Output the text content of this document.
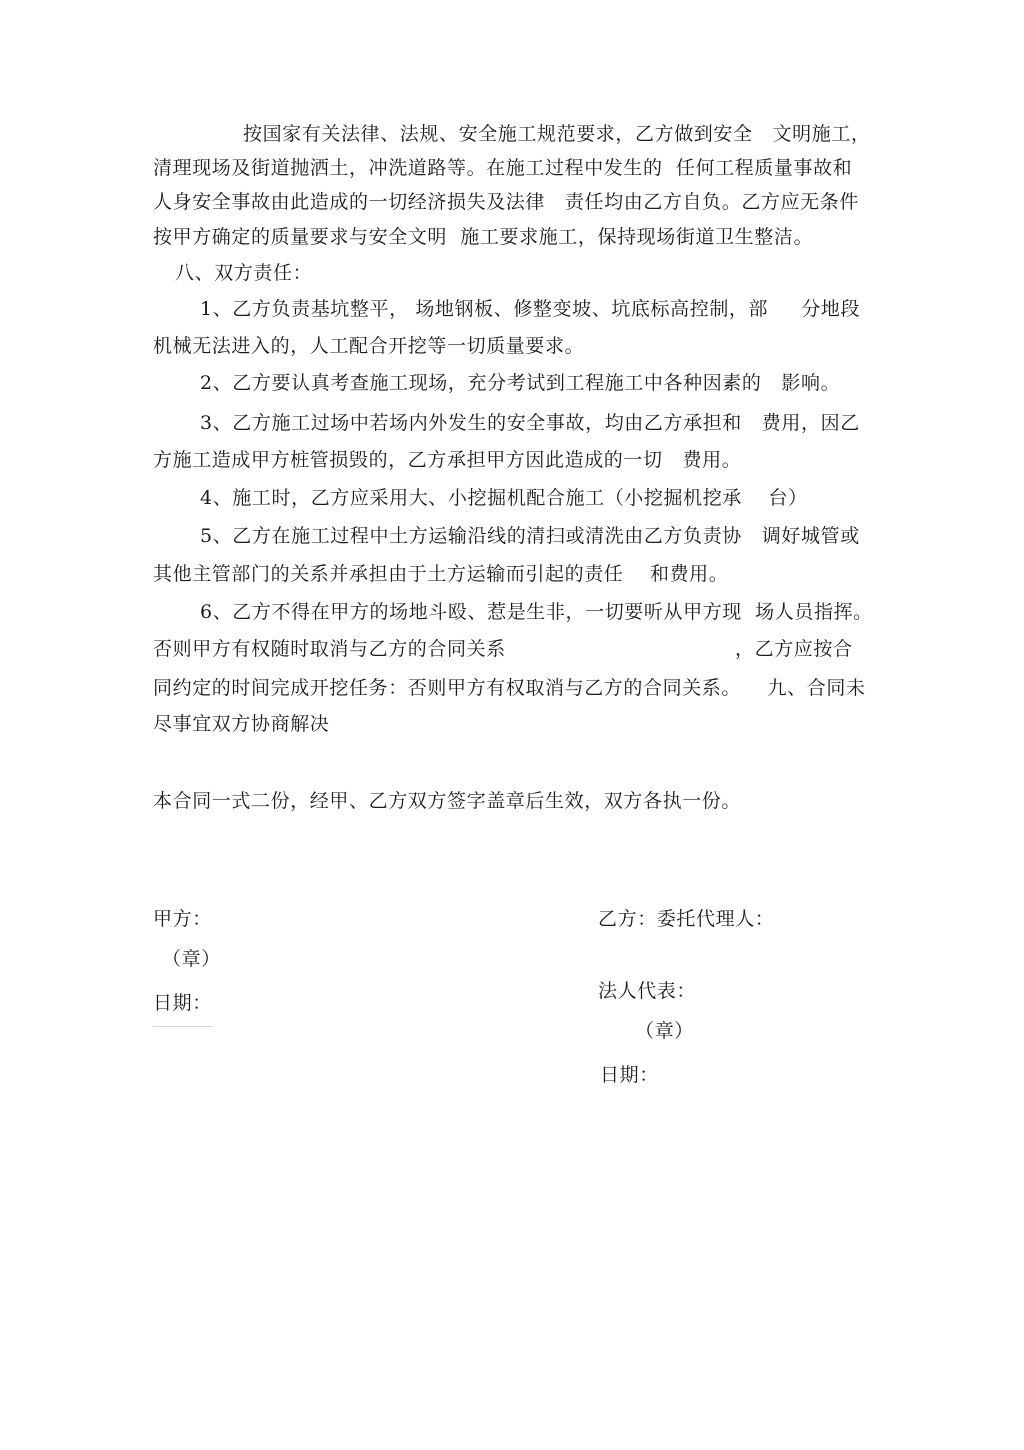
按国家有关法律、法规、安全施工规范要求，乙方做到安全   文明施工，
清理现场及街道抛洒土，冲洗道路等。在施工过程中发生的  任何工程质量事故和
人身安全事故由此造成的一切经济损失及法律   责任均由乙方自负。乙方应无条件
按甲方确定的质量要求与安全文明  施工要求施工，保持现场街道卫生整洁。
八、双方责任：
1、乙方负责基坑整平， 场地钢板、修整变坡、坑底标高控制，部     分地段
机械无法进入的，人工配合开挖等一切质量要求。
2、乙方要认真考查施工现场，充分考试到工程施工中各种因素的   影响。
3、乙方施工过场中若场内外发生的安全事故，均由乙方承担和   费用，因乙
方施工造成甲方桩管损毁的，乙方承担甲方因此造成的一切   费用。
4、施工时，乙方应采用大、小挖掘机配合施工（小挖掘机挖承    台）
5、乙方在施工过程中土方运输沿线的清扫或清洗由乙方负责协   调好城管或
其他主管部门的关系并承担由于土方运输而引起的责任    和费用。
6、乙方不得在甲方的场地斗殴、惹是生非，一切要听从甲方现  场人员指挥。
否则甲方有权随时取消与乙方的合同关系	，乙方应按合
同约定的时间完成开挖任务：否则甲方有权取消与乙方的合同关系。    九、合同未
尽事宜双方协商解决
本合同一式二份，经甲、乙方双方签字盖章后生效，双方各执一份。
甲方：
（章）
日期：
乙方：委托代理人：
法人代表：
（章）
日期：
